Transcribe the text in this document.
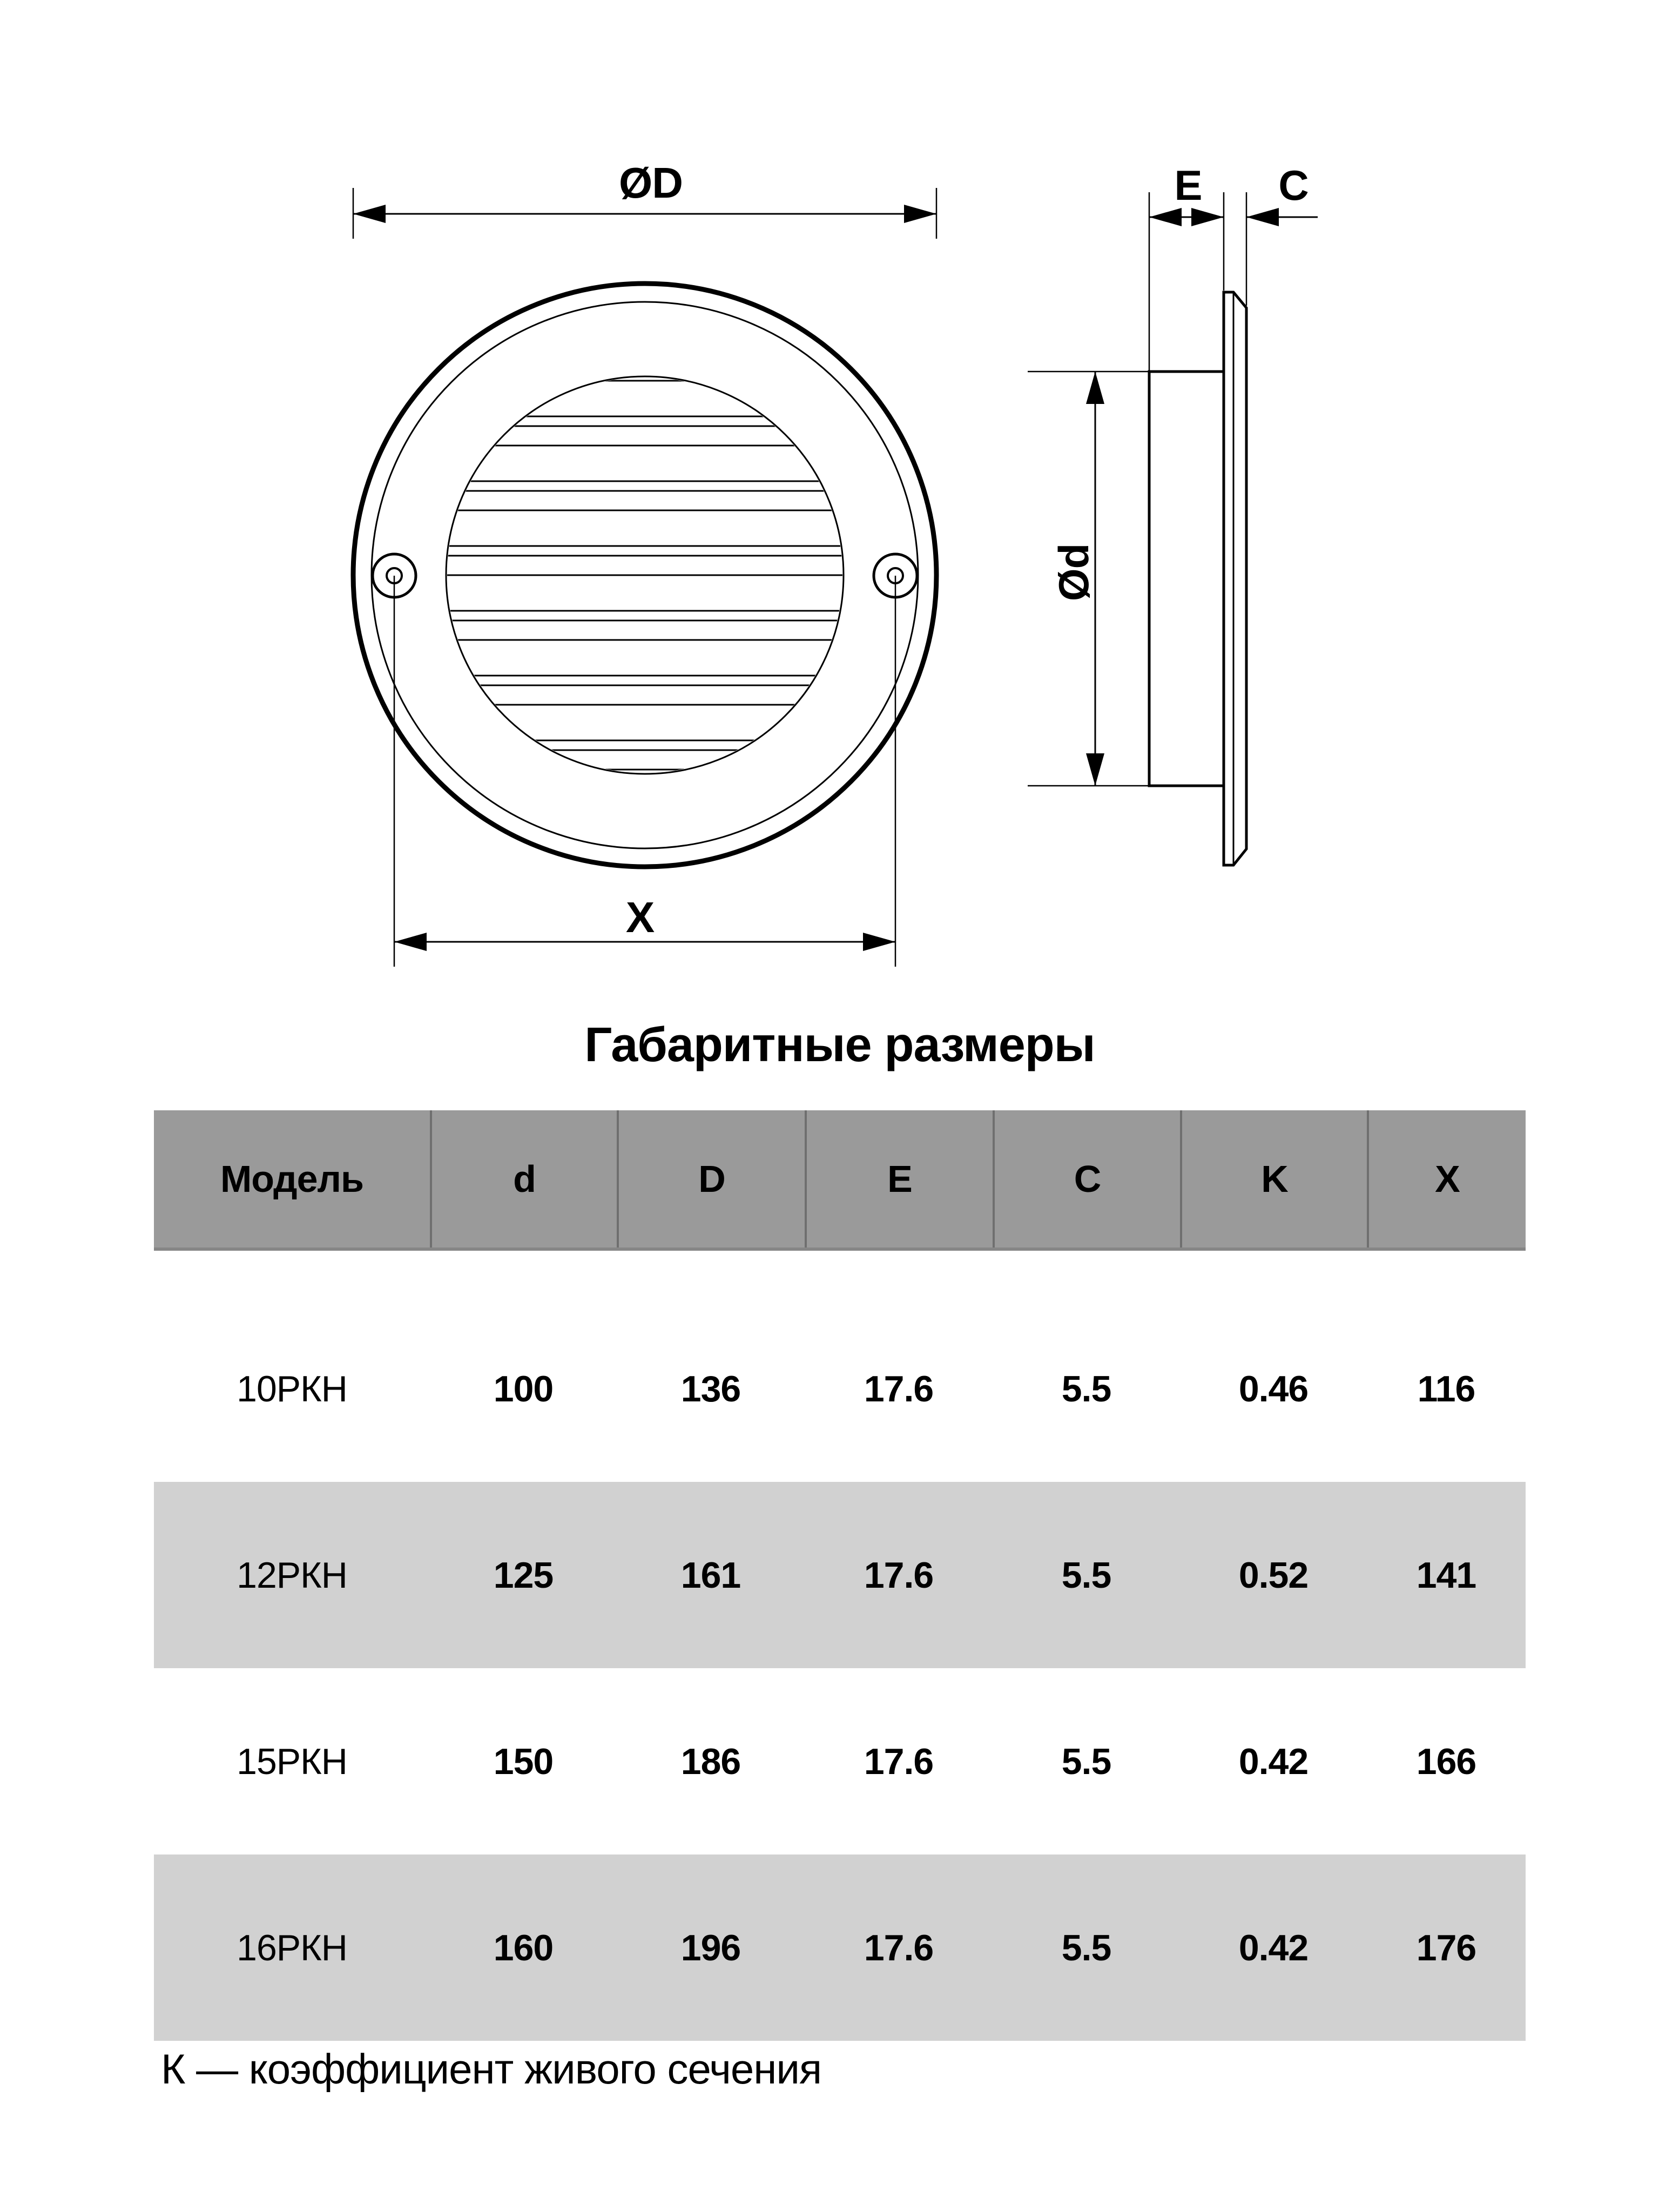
ØD
X
E C
Ød
Габаритные размеры
Модель	d	D	E	C	K	X
10РКН	100	136	17.6	5.5	0.46	116
12РКН	125	161	17.6	5.5	0.52	141
15РКН	150	186	17.6	5.5	0.42	166
16РКН	160	196	17.6	5.5	0.42	176
К — коэффициент живого сечения
